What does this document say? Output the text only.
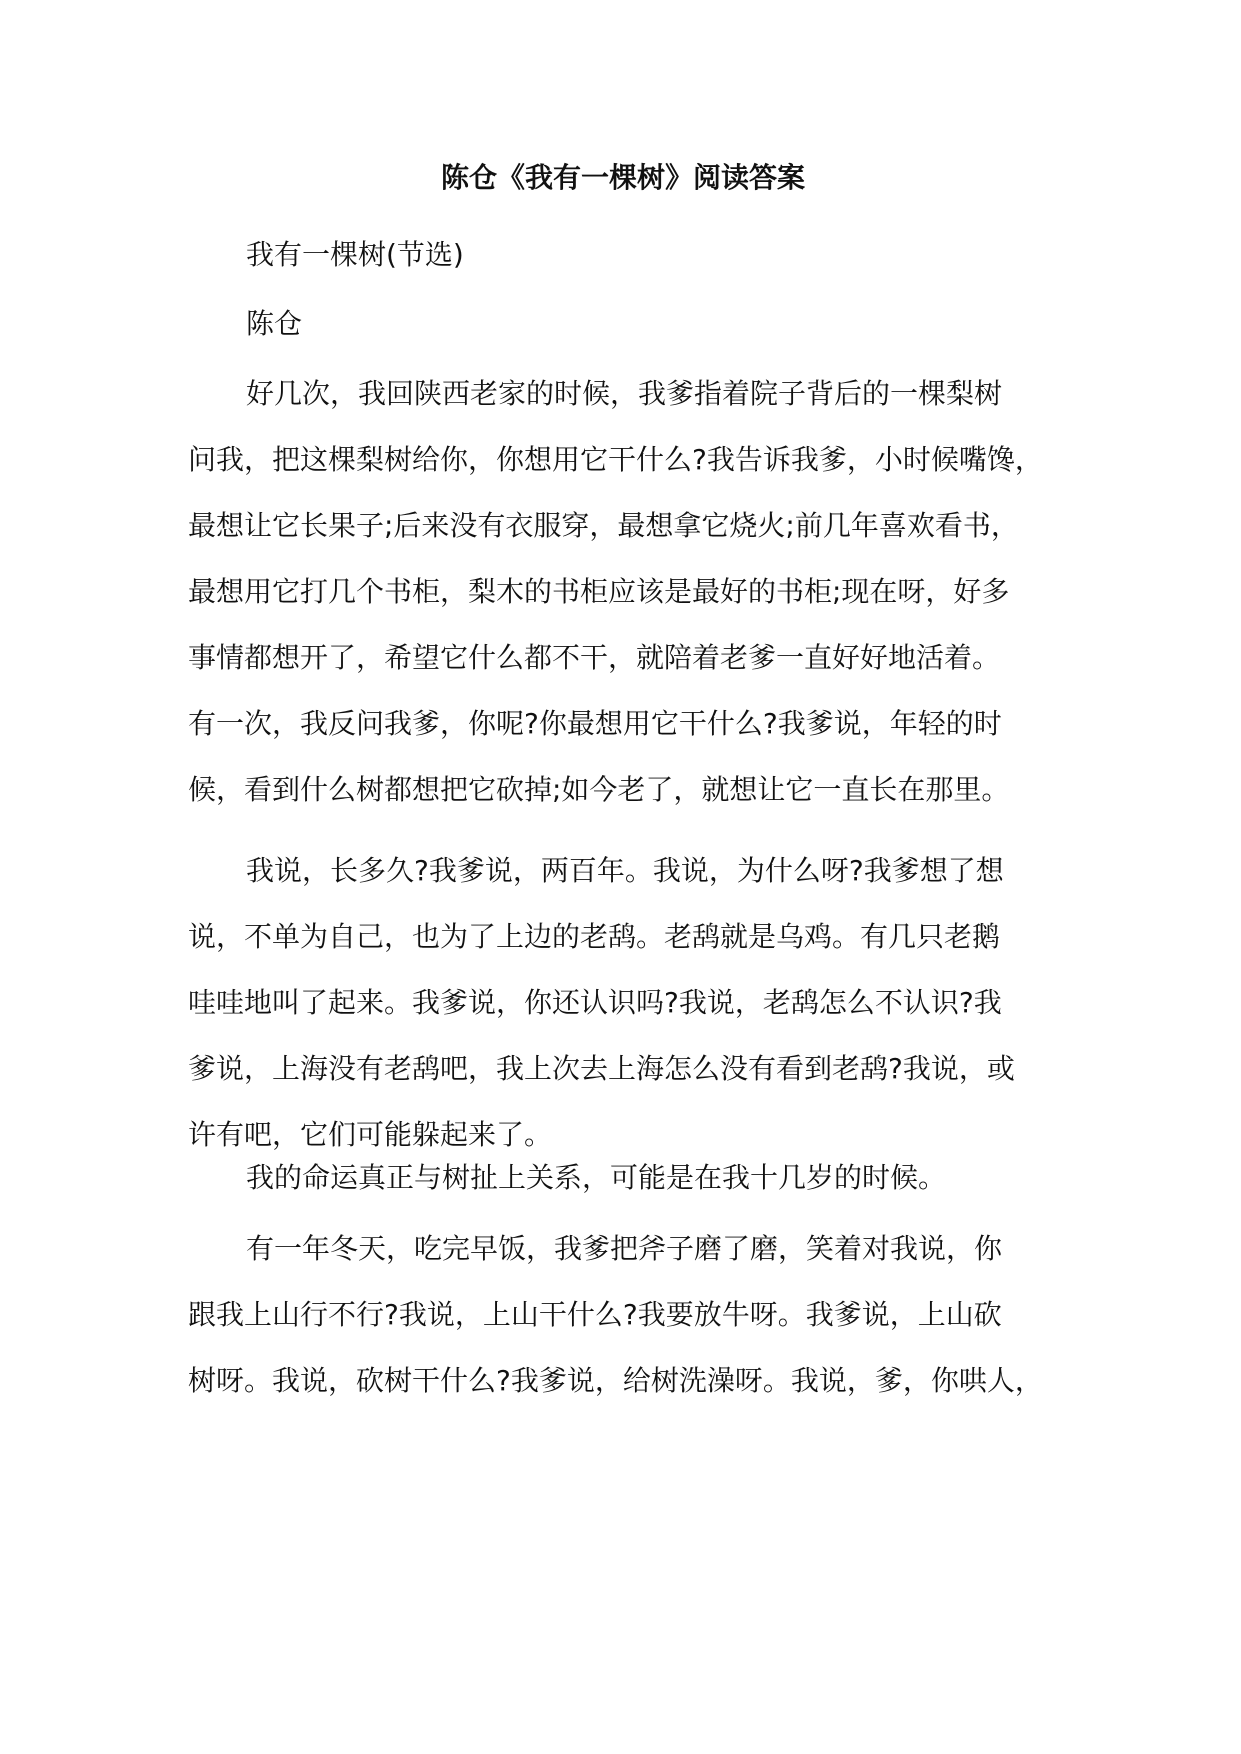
陈仓《我有一棵树》阅读答案

我有一棵树(节选)

陈仓

好几次，我回陕西老家的时候，我爹指着院子背后的一棵梨树
问我，把这棵梨树给你，你想用它干什么?我告诉我爹，小时候嘴馋，
最想让它长果子;后来没有衣服穿，最想拿它烧火;前几年喜欢看书，
最想用它打几个书柜，梨木的书柜应该是最好的书柜;现在呀，好多
事情都想开了，希望它什么都不干，就陪着老爹一直好好地活着。
有一次，我反问我爹，你呢?你最想用它干什么?我爹说，年轻的时
候，看到什么树都想把它砍掉;如今老了，就想让它一直长在那里。
我说，长多久?我爹说，两百年。我说，为什么呀?我爹想了想
说，不单为自己，也为了上边的老鸹。老鸹就是乌鸡。有几只老鹅
哇哇地叫了起来。我爹说，你还认识吗?我说，老鸹怎么不认识?我
爹说，上海没有老鸹吧，我上次去上海怎么没有看到老鸹?我说，或
许有吧，它们可能躲起来了。
我的命运真正与树扯上关系，可能是在我十几岁的时候。
有一年冬天，吃完早饭，我爹把斧子磨了磨，笑着对我说，你
跟我上山行不行?我说，上山干什么?我要放牛呀。我爹说，上山砍
树呀。我说，砍树干什么?我爹说，给树洗澡呀。我说，爹，你哄人，
